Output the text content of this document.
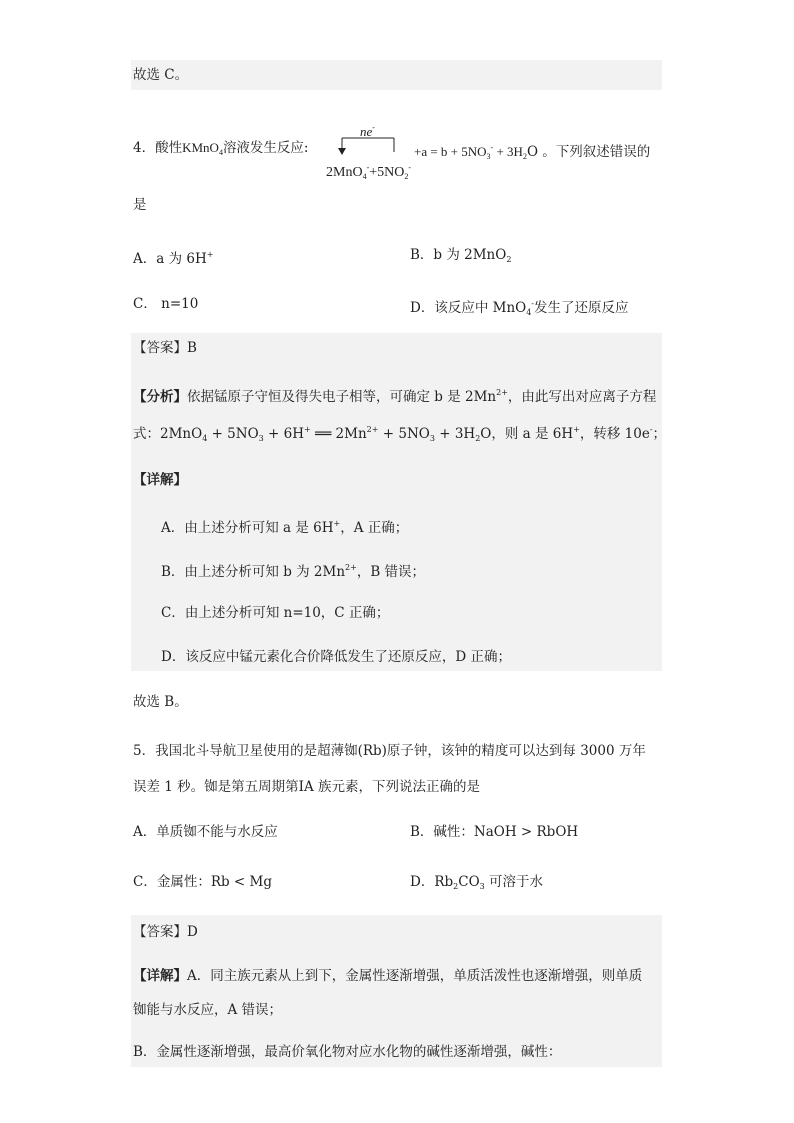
故选 C。
4．酸性KMnO$_4$溶液发生反应:
ne-
$2MnO_4^-+5NO_2^-$
$+a = b + 5NO_3^- + 3H_2O$ 。下列叙述错误的
是
A．a 为 6H+	B．b 为 2MnO$_2$
C． n=10	D．该反应中 MnO$_4$-发生了还原反应
【答案】B
【分析】依据锰原子守恒及得失电子相等，可确定 b 是 $2Mn^{2+}$，由此写出对应离子方程
式：$2MnO_4 + 5NO_3 + 6H^+$ ══ $2Mn^{2+} + 5NO_3 + 3H_2O$，则 a 是 6H+，转移 10e-；
【详解】
A．由上述分析可知 a 是 6H+，A 正确；
B．由上述分析可知 b 为 $2Mn^{2+}$，B 错误；
C．由上述分析可知 n=10，C 正确；
D．该反应中锰元素化合价降低发生了还原反应，D 正确；
故选 B。
5．我国北斗导航卫星使用的是超薄铷(Rb)原子钟，该钟的精度可以达到每 3000 万年
误差 1 秒。铷是第五周期第ⅠA 族元素，下列说法正确的是
A．单质铷不能与水反应	B．碱性：NaOH > RbOH
C．金属性：Rb < Mg	D．$Rb_2CO_3$ 可溶于水
【答案】D
【详解】A．同主族元素从上到下，金属性逐渐增强，单质活泼性也逐渐增强，则单质
铷能与水反应，A 错误；
B．金属性逐渐增强，最高价氧化物对应水化物的碱性逐渐增强，碱性：
